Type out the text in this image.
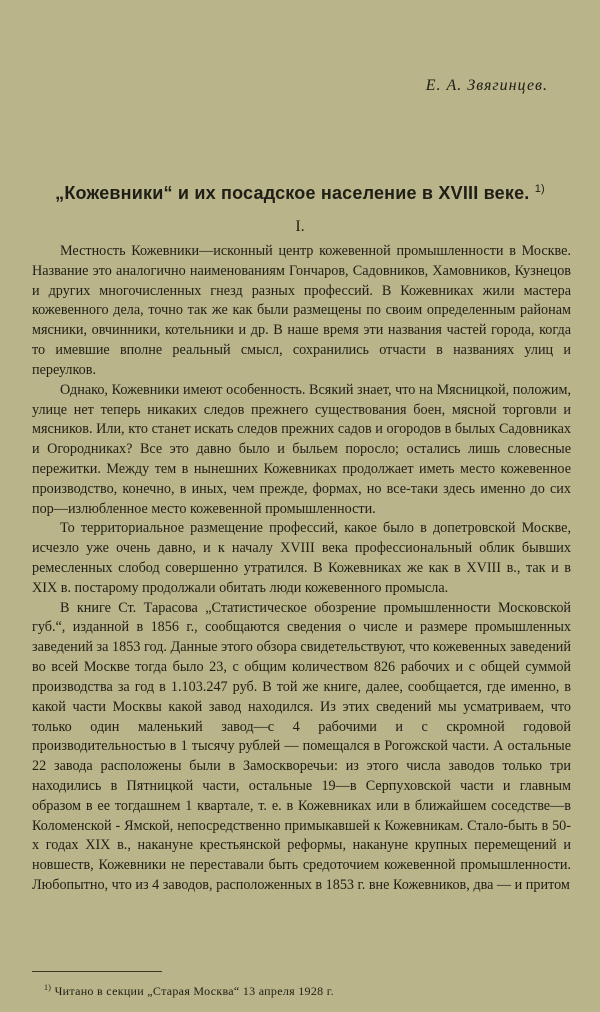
Е. А. Звягинцев.
„Кожевники“ и их посадское население в XVIII веке. $^{1)}$
I.

Местность Кожевники—исконный центр кожевенной промышленности в Москве. Название это аналогично наименованиям Гончаров, Садовников, Хамовников, Кузнецов и других многочисленных гнезд разных профессий. В Кожевниках жили мастера кожевенного дела, точно так же как были размещены по своим определенным районам мясники, овчинники, котельники и др. В наше время эти названия частей города, когда то имевшие вполне реальный смысл, сохранились отчасти в названиях улиц и переулков.

Однако, Кожевники имеют особенность. Всякий знает, что на Мясницкой, положим, улице нет теперь никаких следов прежнего существования боен, мясной торговли и мясников. Или, кто станет искать следов прежних садов и огородов в былых Садовниках и Огородниках? Все это давно было и быльем поросло; остались лишь словесные пережитки. Между тем в нынешних Кожевниках продолжает иметь место кожевенное производство, конечно, в иных, чем прежде, формах, но все-таки здесь именно до сих пор—излюбленное место кожевенной промышленности.

То территориальное размещение профессий, какое было в допетровской Москве, исчезло уже очень давно, и к началу XVIII века профессиональный облик бывших ремесленных слобод совершенно утратился. В Кожевниках же как в XVIII в., так и в XIX в. постарому продолжали обитать люди кожевенного промысла.

В книге Ст. Тарасова „Статистическое обозрение промышленности Московской губ.“, изданной в 1856 г., сообщаются сведения о числе и размере промышленных заведений за 1853 год. Данные этого обзора свидетельствуют, что кожевенных заведений во всей Москве тогда было 23, с общим количеством 826 рабочих и с общей суммой производства за год в 1.103.247 руб. В той же книге, далее, сообщается, где именно, в какой части Москвы какой завод находился. Из этих сведений мы усматриваем, что только один маленький завод—с 4 рабочими и с скромной годовой производительностью в 1 тысячу рублей — помещался в Рогожской части. А остальные 22 завода расположены были в Замоскворечьи: из этого числа заводов только три находились в Пятницкой части, остальные 19—в Серпуховской части и главным образом в ее тогдашнем 1 квартале, т. е. в Кожевниках или в ближайшем соседстве—в Коломенской - Ямской, непосредственно примыкавшей к Кожевникам. Стало-быть в 50-х годах XIX в., накануне крестьянской реформы, накануне крупных перемещений и новшеств, Кожевники не переставали быть средоточием кожевенной промышленности. Любопытно, что из 4 заводов, расположенных в 1853 г. вне Кожевников, два — и притом

$^{1)}$ Читано в секции „Старая Москва“ 13 апреля 1928 г.
